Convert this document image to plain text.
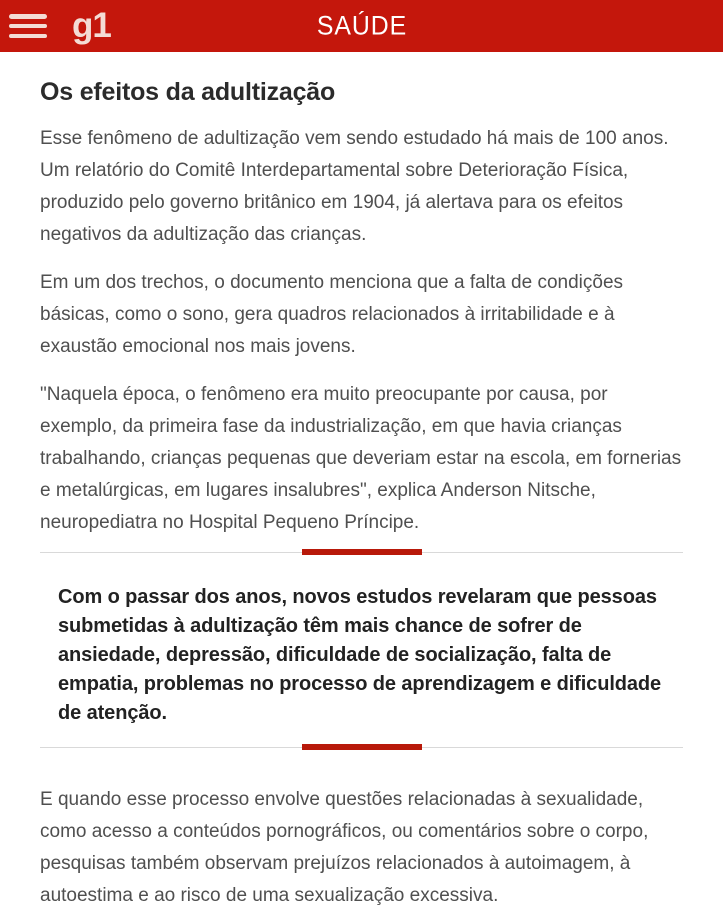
g1	SAÚDE
Os efeitos da adultização

Esse fenômeno de adultização vem sendo estudado há mais de 100 anos. Um relatório do Comitê Interdepartamental sobre Deterioração Física, produzido pelo governo britânico em 1904, já alertava para os efeitos negativos da adultização das crianças.

Em um dos trechos, o documento menciona que a falta de condições básicas, como o sono, gera quadros relacionados à irritabilidade e à exaustão emocional nos mais jovens.

"Naquela época, o fenômeno era muito preocupante por causa, por exemplo, da primeira fase da industrialização, em que havia crianças trabalhando, crianças pequenas que deveriam estar na escola, em fornerias e metalúrgicas, em lugares insalubres", explica Anderson Nitsche, neuropediatra no Hospital Pequeno Príncipe.

Com o passar dos anos, novos estudos revelaram que pessoas submetidas à adultização têm mais chance de sofrer de ansiedade, depressão, dificuldade de socialização, falta de empatia, problemas no processo de aprendizagem e dificuldade de atenção.

E quando esse processo envolve questões relacionadas à sexualidade, como acesso a conteúdos pornográficos, ou comentários sobre o corpo, pesquisas também observam prejuízos relacionados à autoimagem, à autoestima e ao risco de uma sexualização excessiva.
